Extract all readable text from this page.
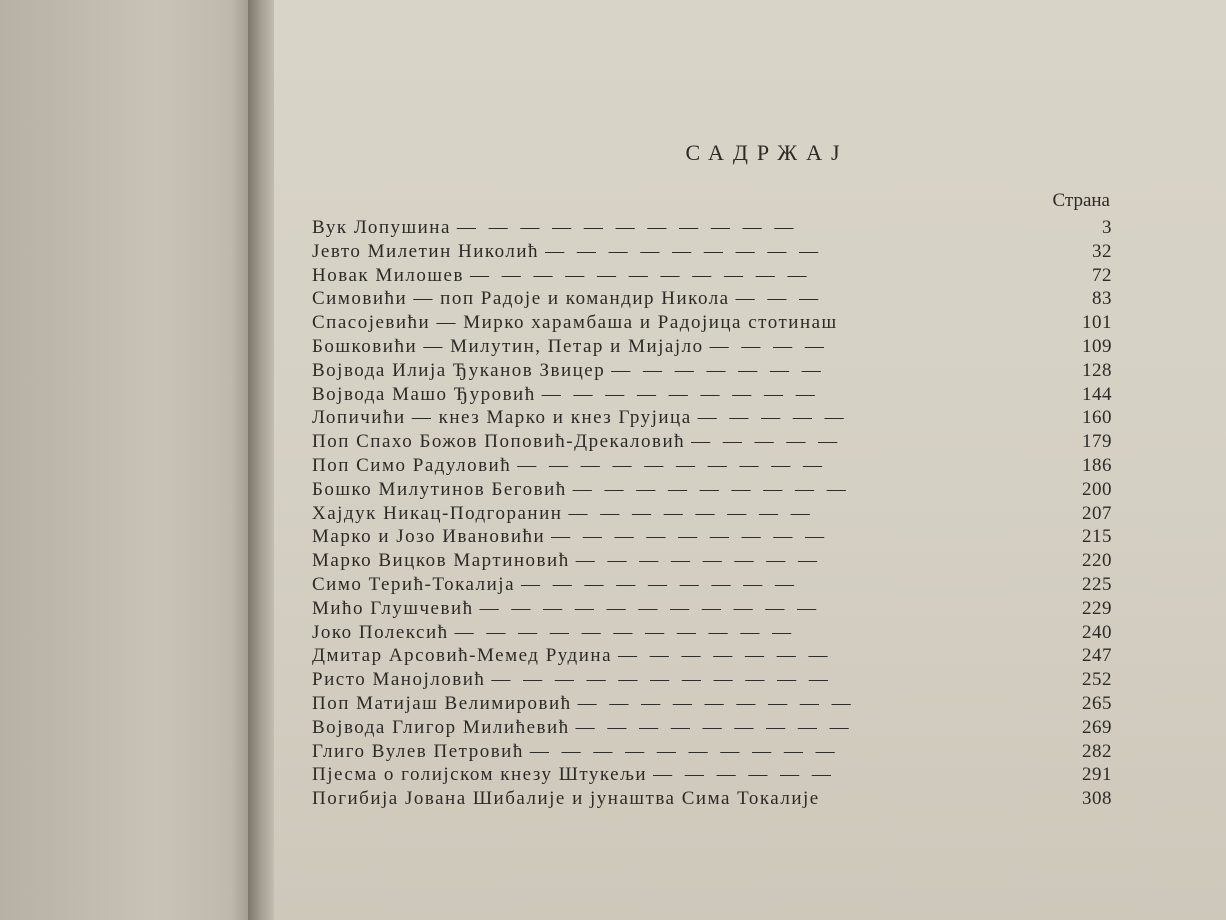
САДРЖАЈ
Страна
Вук Лопушина — — — — — — — — — — —	3
Јевто Милетин Николић — — — — — — — — —	32
Новак Милошев — — — — — — — — — — —	72
Симовићи — поп Радоје и командир Никола — — —	83
Спасојевићи — Мирко харамбаша и Радојица стотинаш	101
Бошковићи — Милутин, Петар и Мијајло — — — —	109
Војвода Илија Ђуканов Звицер — — — — — — —	128
Војвода Машо Ђуровић — — — — — — — — —	144
Лопичићи — кнез Марко и кнез Грујица — — — — —	160
Поп Спахо Божов Поповић-Дрекаловић — — — — —	179
Поп Симо Радуловић — — — — — — — — — —	186
Бошко Милутинов Беговић — — — — — — — — —	200
Хајдук Никац-Подгоранин — — — — — — — —	207
Марко и Јозо Ивановићи — — — — — — — — —	215
Марко Вицков Мартиновић — — — — — — — —	220
Симо Терић-Токалија — — — — — — — — —	225
Мићо Глушчевић — — — — — — — — — — —	229
Јоко Полексић — — — — — — — — — — —	240
Дмитар Арсовић-Мемед Рудина — — — — — — —	247
Ристо Манојловић — — — — — — — — — — —	252
Поп Матијаш Велимировић — — — — — — — — —	265
Војвода Глигор Милићевић — — — — — — — — —	269
Глиго Вулев Петровић — — — — — — — — — —	282
Пјесма о голијском кнезу Штукељи — — — — — —	291
Погибија Јована Шибалије и јунаштва Сима Токалије	308
